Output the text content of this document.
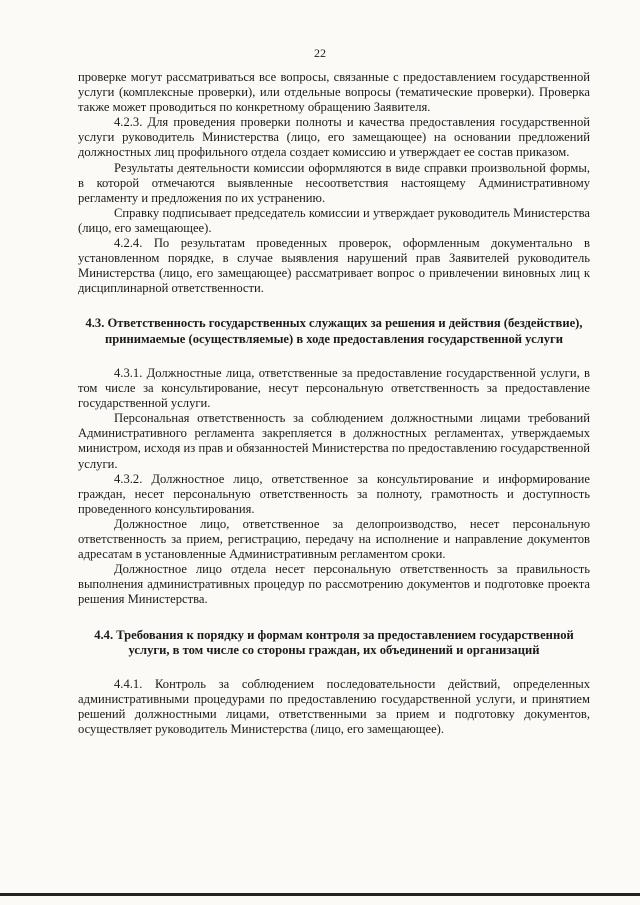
22

проверке могут рассматриваться все вопросы, связанные с предоставлением государственной услуги (комплексные проверки), или отдельные вопросы (тематические проверки). Проверка также может проводиться по конкретному обращению Заявителя.

4.2.3. Для проведения проверки полноты и качества предоставления государственной услуги руководитель Министерства (лицо, его замещающее) на основании предложений должностных лиц профильного отдела создает комиссию и утверждает ее состав приказом.

Результаты деятельности комиссии оформляются в виде справки произвольной формы, в которой отмечаются выявленные несоответствия настоящему Административному регламенту и предложения по их устранению.

Справку подписывает председатель комиссии и утверждает руководитель Министерства (лицо, его замещающее).

4.2.4. По результатам проведенных проверок, оформленным документально в установленном порядке, в случае выявления нарушений прав Заявителей руководитель Министерства (лицо, его замещающее) рассматривает вопрос о привлечении виновных лиц к дисциплинарной ответственности.

4.3. Ответственность государственных служащих за решения и действия (бездействие), принимаемые (осуществляемые) в ходе предоставления государственной услуги

4.3.1. Должностные лица, ответственные за предоставление государственной услуги, в том числе за консультирование, несут персональную ответственность за предоставление государственной услуги.

Персональная ответственность за соблюдением должностными лицами требований Административного регламента закрепляется в должностных регламентах, утверждаемых министром, исходя из прав и обязанностей Министерства по предоставлению государственной услуги.

4.3.2. Должностное лицо, ответственное за консультирование и информирование граждан, несет персональную ответственность за полноту, грамотность и доступность проведенного консультирования.

Должностное лицо, ответственное за делопроизводство, несет персональную ответственность за прием, регистрацию, передачу на исполнение и направление документов адресатам в установленные Административным регламентом сроки.

Должностное лицо отдела несет персональную ответственность за правильность выполнения административных процедур по рассмотрению документов и подготовке проекта решения Министерства.

4.4. Требования к порядку и формам контроля за предоставлением государственной услуги, в том числе со стороны граждан, их объединений и организаций

4.4.1. Контроль за соблюдением последовательности действий, определенных административными процедурами по предоставлению государственной услуги, и принятием решений должностными лицами, ответственными за прием и подготовку документов, осуществляет руководитель Министерства (лицо, его замещающее).
